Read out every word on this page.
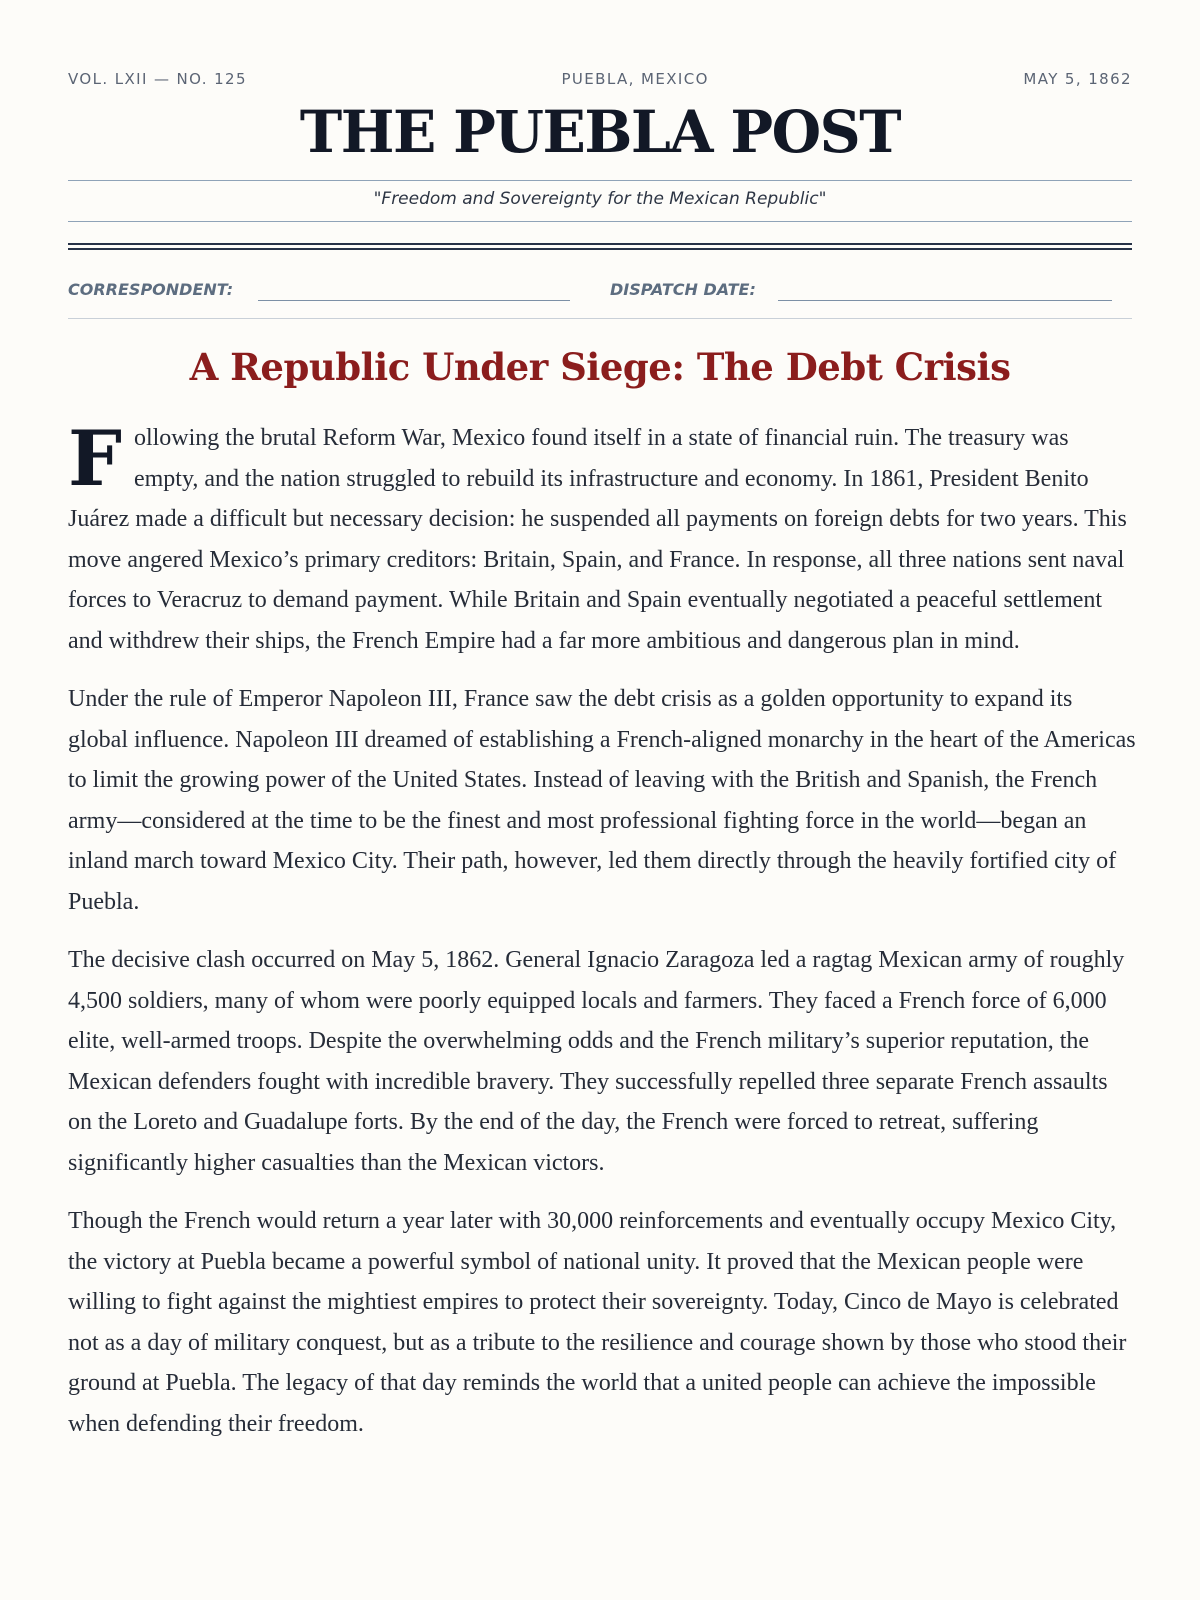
VOL. LXII — NO. 125	PUEBLA, MEXICO	MAY 5, 1862
THE PUEBLA POST
"Freedom and Sovereignty for the Mexican Republic"
CORRESPONDENT:	DISPATCH DATE:
A Republic Under Siege: The Debt Crisis

Following the brutal Reform War, Mexico found itself in a state of financial ruin. The treasury was empty, and the nation struggled to rebuild its infrastructure and economy. In 1861, President Benito Juárez made a difficult but necessary decision: he suspended all payments on foreign debts for two years. This move angered Mexico’s primary creditors: Britain, Spain, and France. In response, all three nations sent naval forces to Veracruz to demand payment. While Britain and Spain eventually negotiated a peaceful settlement and withdrew their ships, the French Empire had a far more ambitious and dangerous plan in mind.

Under the rule of Emperor Napoleon III, France saw the debt crisis as a golden opportunity to expand its global influence. Napoleon III dreamed of establishing a French-aligned monarchy in the heart of the Americas to limit the growing power of the United States. Instead of leaving with the British and Spanish, the French army—considered at the time to be the finest and most professional fighting force in the world—began an inland march toward Mexico City. Their path, however, led them directly through the heavily fortified city of Puebla.

The decisive clash occurred on May 5, 1862. General Ignacio Zaragoza led a ragtag Mexican army of roughly 4,500 soldiers, many of whom were poorly equipped locals and farmers. They faced a French force of 6,000 elite, well-armed troops. Despite the overwhelming odds and the French military’s superior reputation, the Mexican defenders fought with incredible bravery. They successfully repelled three separate French assaults on the Loreto and Guadalupe forts. By the end of the day, the French were forced to retreat, suffering significantly higher casualties than the Mexican victors.

Though the French would return a year later with 30,000 reinforcements and eventually occupy Mexico City, the victory at Puebla became a powerful symbol of national unity. It proved that the Mexican people were willing to fight against the mightiest empires to protect their sovereignty. Today, Cinco de Mayo is celebrated not as a day of military conquest, but as a tribute to the resilience and courage shown by those who stood their ground at Puebla. The legacy of that day reminds the world that a united people can achieve the impossible when defending their freedom.
